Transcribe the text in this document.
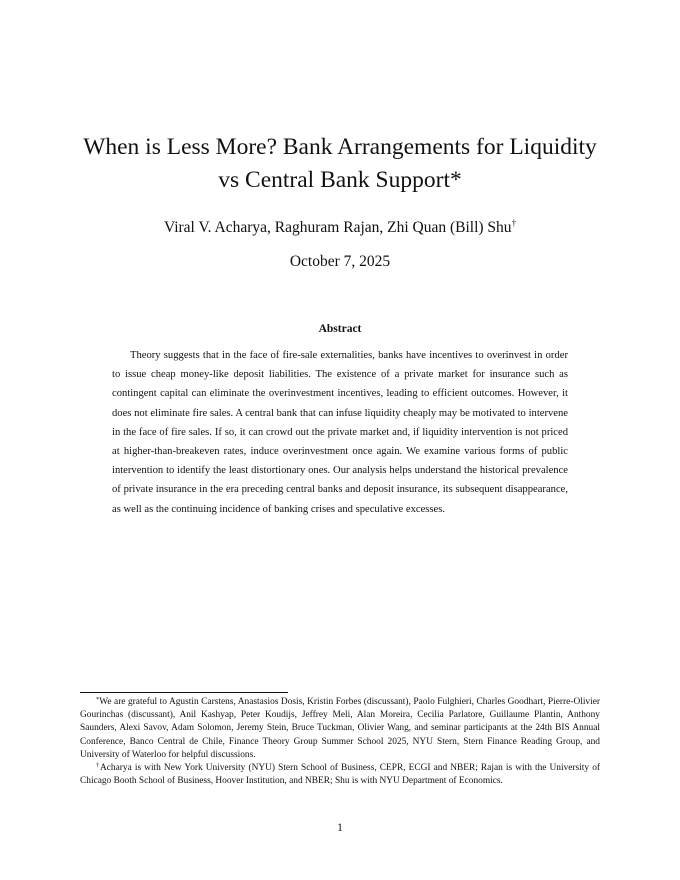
When is Less More? Bank Arrangements for Liquidity
vs Central Bank Support*
Viral V. Acharya, Raghuram Rajan, Zhi Quan (Bill) Shu†
October 7, 2025
Abstract

Theory suggests that in the face of fire-sale externalities, banks have incentives to overinvest in order to issue cheap money-like deposit liabilities. The existence of a private market for insurance such as contingent capital can eliminate the overinvestment incentives, leading to efficient outcomes. However, it does not eliminate fire sales. A central bank that can infuse liquidity cheaply may be motivated to intervene in the face of fire sales. If so, it can crowd out the private market and, if liquidity intervention is not priced at higher-than-breakeven rates, induce overinvestment once again. We examine various forms of public intervention to identify the least distortionary ones. Our analysis helps understand the historical prevalence of private insurance in the era preceding central banks and deposit insurance, its subsequent disappearance, as well as the continuing incidence of banking crises and speculative excesses.

*We are grateful to Agustin Carstens, Anastasios Dosis, Kristin Forbes (discussant), Paolo Fulghieri, Charles Goodhart, Pierre-Olivier Gourinchas (discussant), Anil Kashyap, Peter Koudijs, Jeffrey Meli, Alan Moreira, Cecilia Parlatore, Guillaume Plantin, Anthony Saunders, Alexi Savov, Adam Solomon, Jeremy Stein, Bruce Tuckman, Olivier Wang, and seminar participants at the 24th BIS Annual Conference, Banco Central de Chile, Finance Theory Group Summer School 2025, NYU Stern, Stern Finance Reading Group, and University of Waterloo for helpful discussions.

†Acharya is with New York University (NYU) Stern School of Business, CEPR, ECGI and NBER; Rajan is with the University of Chicago Booth School of Business, Hoover Institution, and NBER; Shu is with NYU Department of Economics.

1
